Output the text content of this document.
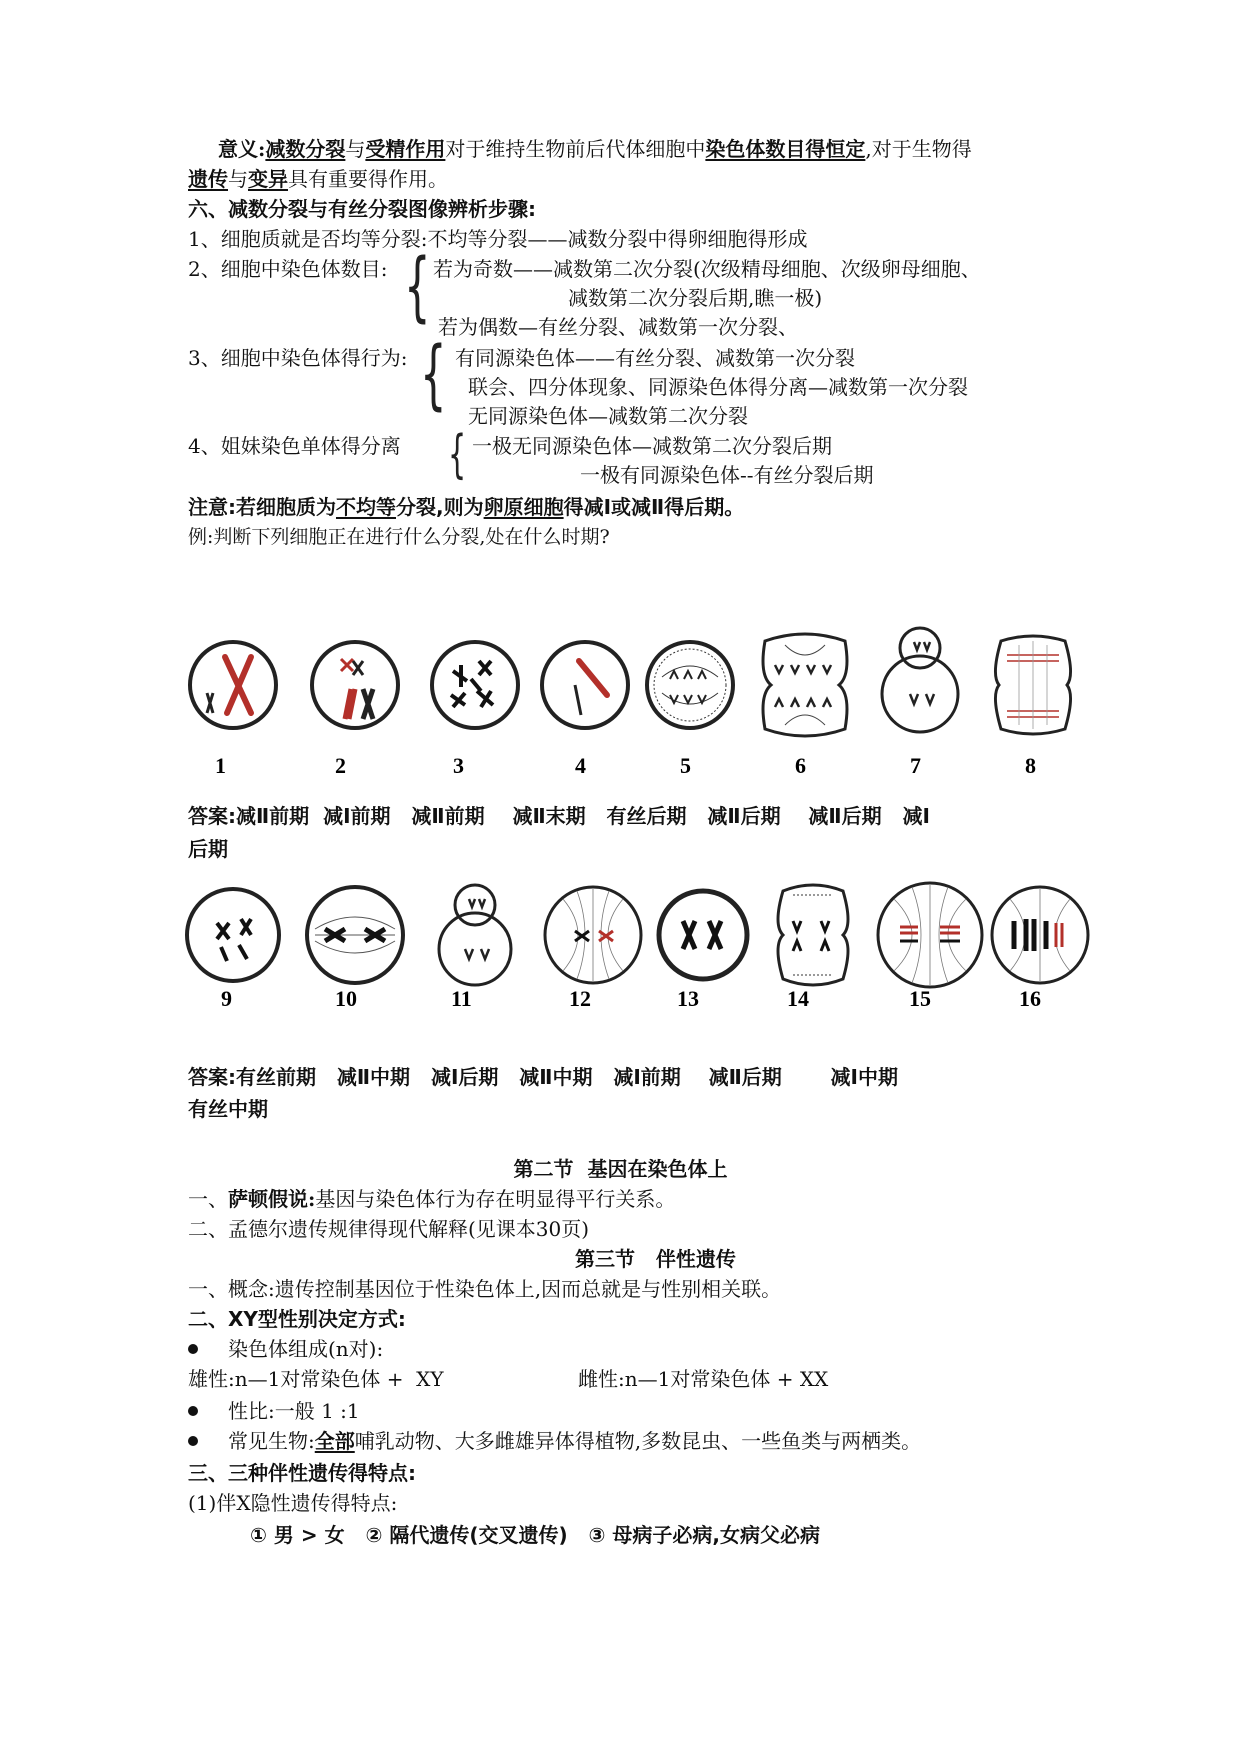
意义:减数分裂与受精作用对于维持生物前后代体细胞中染色体数目得恒定,对于生物得
遗传与变异具有重要得作用。
六、减数分裂与有丝分裂图像辨析步骤:
1、细胞质就是否均等分裂:不均等分裂——减数分裂中得卵细胞得形成
2、细胞中染色体数目: { 若为奇数——减数第二次分裂(次级精母细胞、次级卵母细胞、
减数第二次分裂后期,瞧一极)
若为偶数—有丝分裂、减数第一次分裂、
3、细胞中染色体得行为: { 有同源染色体——有丝分裂、减数第一次分裂
联会、四分体现象、同源染色体得分离—减数第一次分裂
无同源染色体—减数第二次分裂
4、姐妹染色单体得分离 { 一极无同源染色体—减数第二次分裂后期
一极有同源染色体--有丝分裂后期
注意:若细胞质为不均等分裂,则为卵原细胞得减Ⅰ或减Ⅱ得后期。
例:判断下列细胞正在进行什么分裂,处在什么时期?
1	2	3	4	5	6	7	8
答案:减Ⅱ前期  减Ⅰ前期   减Ⅱ前期    减Ⅱ末期   有丝后期   减Ⅱ后期    减Ⅱ后期   减Ⅰ
后期
9	10	11	12	13	14	15	16
答案:有丝前期   减Ⅱ中期   减Ⅰ后期   减Ⅱ中期   减Ⅰ前期    减Ⅱ后期       减Ⅰ中期
有丝中期
第二节  基因在染色体上
一、萨顿假说:基因与染色体行为存在明显得平行关系。
二、孟德尔遗传规律得现代解释(见课本30页)
第三节   伴性遗传
一、概念:遗传控制基因位于性染色体上,因而总就是与性别相关联。
二、XY型性别决定方式:
染色体组成(n对):
雄性:n—1对常染色体 +  XY	雌性:n—1对常染色体 + XX
性比:一般 1 :1
常见生物:全部哺乳动物、大多雌雄异体得植物,多数昆虫、一些鱼类与两栖类。
三、三种伴性遗传得特点:
(1)伴X隐性遗传得特点:
① 男 > 女   ② 隔代遗传(交叉遗传)   ③ 母病子必病,女病父必病
